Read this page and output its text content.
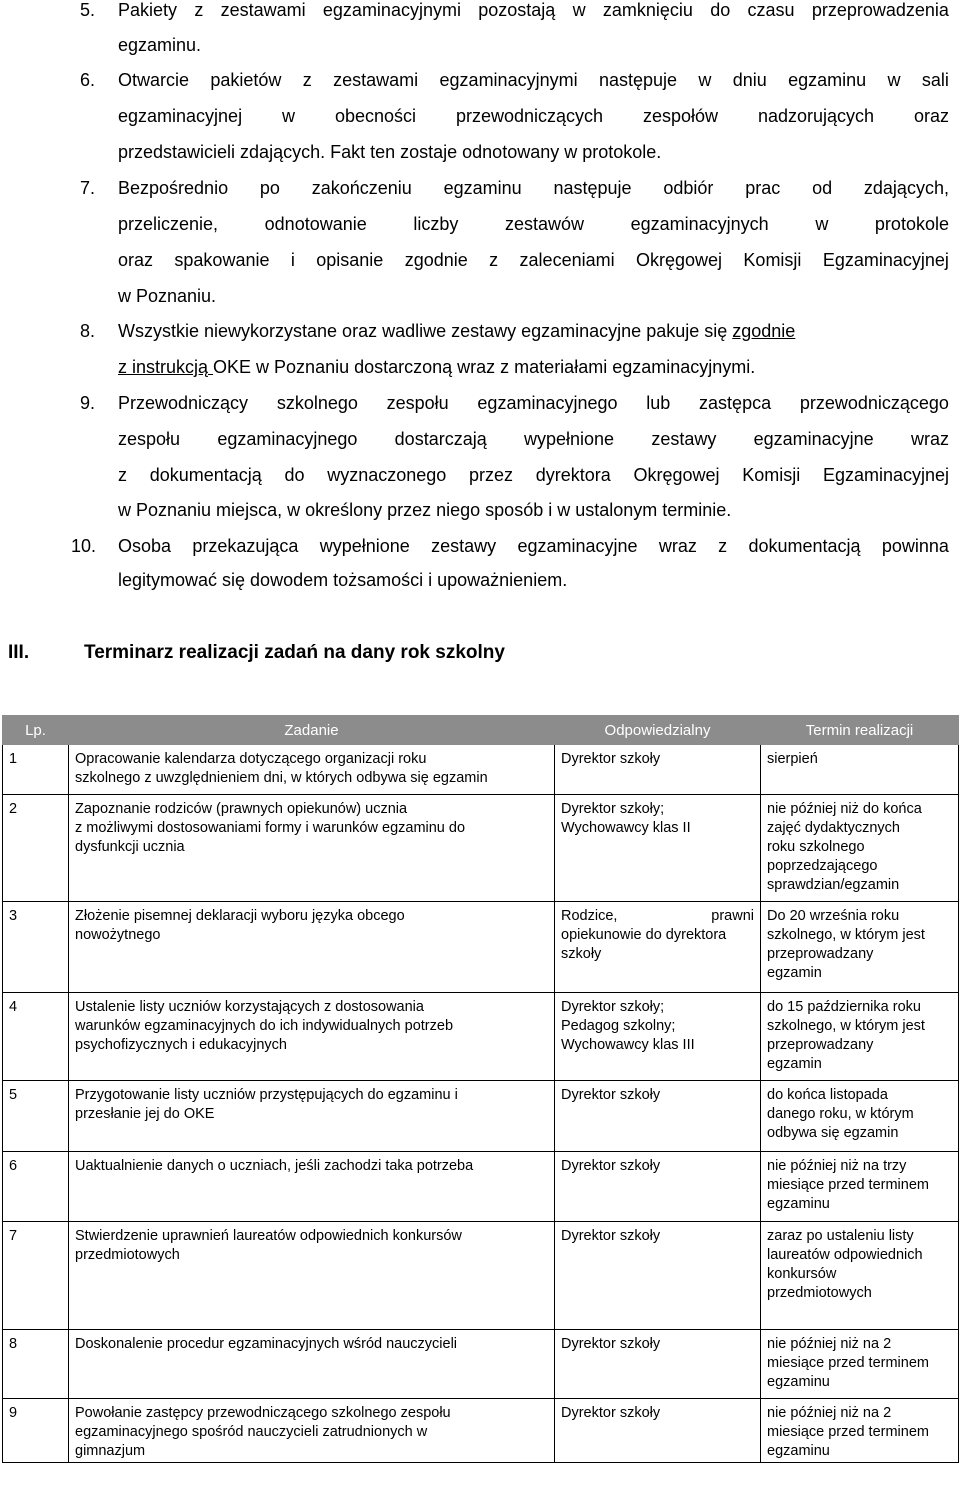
5. Pakiety z zestawami egzaminacyjnymi pozostają w zamknięciu do czasu przeprowadzenia
egzaminu.
6. Otwarcie pakietów z zestawami egzaminacyjnymi następuje w dniu egzaminu w sali
egzaminacyjnej w obecności przewodniczących zespołów nadzorujących oraz
przedstawicieli zdających. Fakt ten zostaje odnotowany w protokole.
7. Bezpośrednio po zakończeniu egzaminu następuje odbiór prac od zdających,
przeliczenie,	odnotowanie	liczby	zestawów	egzaminacyjnych	w	protokole
oraz spakowanie i opisanie zgodnie z zaleceniami Okręgowej Komisji Egzaminacyjnej
w Poznaniu.
8. Wszystkie niewykorzystane oraz wadliwe zestawy egzaminacyjne pakuje się zgodnie
z instrukcją OKE w Poznaniu dostarczoną wraz z materiałami egzaminacyjnymi.
9. Przewodniczący szkolnego zespołu egzaminacyjnego lub zastępca przewodniczącego
zespołu egzaminacyjnego dostarczają wypełnione zestawy egzaminacyjne wraz
z dokumentacją do wyznaczonego przez dyrektora Okręgowej Komisji Egzaminacyjnej
w Poznaniu miejsca, w określony przez niego sposób i w ustalonym terminie.
10. Osoba przekazująca wypełnione zestawy egzaminacyjne wraz z dokumentacją powinna
legitymować się dowodem tożsamości i upoważnieniem.
III.	Terminarz realizacji zadań na dany rok szkolny
Lp.	Zadanie	Odpowiedzialny	Termin realizacji
1	Opracowanie kalendarza dotyczącego organizacji roku
szkolnego z uwzględnieniem dni, w których odbywa się egzamin	Dyrektor szkoły	sierpień

2	Zapoznanie rodziców (prawnych opiekunów) ucznia
z możliwymi dostosowaniami formy i warunków egzaminu do
dysfunkcji ucznia	Dyrektor szkoły;
Wychowawcy klas II	nie później niż do końca
zajęć dydaktycznych
roku szkolnego
poprzedzającego
sprawdzian/egzamin

3	Złożenie pisemnej deklaracji wyboru języka obcego
nowożytnego	Rodzice, prawni
opiekunowie do dyrektora
szkoły	Do 20 września roku
szkolnego, w którym jest
przeprowadzany
egzamin

4	Ustalenie listy uczniów korzystających z dostosowania
warunków egzaminacyjnych do ich indywidualnych potrzeb
psychofizycznych i edukacyjnych	Dyrektor szkoły;
Pedagog szkolny;
Wychowawcy klas III	do 15 października roku
szkolnego, w którym jest
przeprowadzany
egzamin

5	Przygotowanie listy uczniów przystępujących do egzaminu i
przesłanie jej do OKE	Dyrektor szkoły	do końca listopada
danego roku, w którym
odbywa się egzamin

6	Uaktualnienie danych o uczniach, jeśli zachodzi taka potrzeba	Dyrektor szkoły	nie później niż na trzy
miesiące przed terminem
egzaminu

7	Stwierdzenie uprawnień laureatów odpowiednich konkursów
przedmiotowych	Dyrektor szkoły	zaraz po ustaleniu listy
laureatów odpowiednich
konkursów
przedmiotowych

8	Doskonalenie procedur egzaminacyjnych wśród nauczycieli	Dyrektor szkoły	nie później niż na 2
miesiące przed terminem
egzaminu

9	Powołanie zastępcy przewodniczącego szkolnego zespołu
egzaminacyjnego spośród nauczycieli zatrudnionych w
gimnazjum	Dyrektor szkoły	nie później niż na 2
miesiące przed terminem
egzaminu
